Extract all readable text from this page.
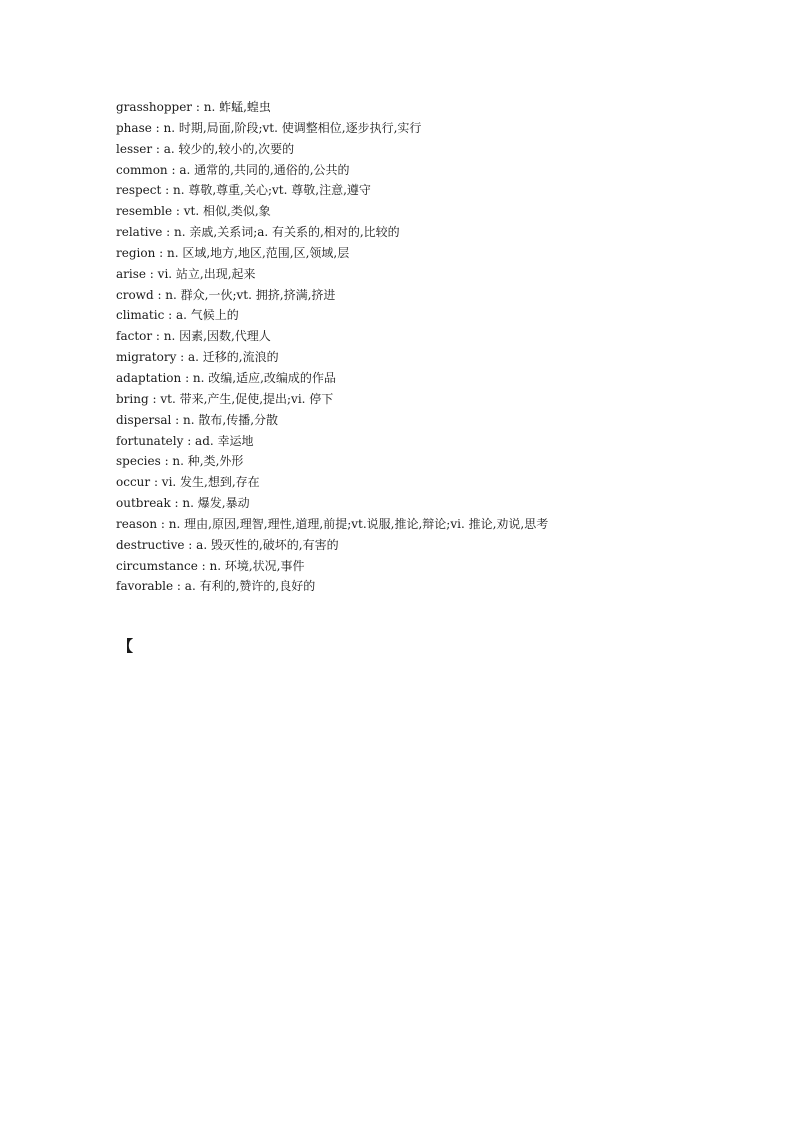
grasshopper : n. 蚱蜢,蝗虫
phase : n. 时期,局面,阶段;vt. 使调整相位,逐步执行,实行
lesser : a. 较少的,较小的,次要的
common : a. 通常的,共同的,通俗的,公共的
respect : n. 尊敬,尊重,关心;vt. 尊敬,注意,遵守
resemble : vt. 相似,类似,象
relative : n. 亲戚,关系词;a. 有关系的,相对的,比较的
region : n. 区域,地方,地区,范围,区,领域,层
arise : vi. 站立,出现,起来
crowd : n. 群众,一伙;vt. 拥挤,挤满,挤进
climatic : a. 气候上的
factor : n. 因素,因数,代理人
migratory : a. 迁移的,流浪的
adaptation : n. 改编,适应,改编成的作品
bring : vt. 带来,产生,促使,提出;vi. 停下
dispersal : n. 散布,传播,分散
fortunately : ad. 幸运地
species : n. 种,类,外形
occur : vi. 发生,想到,存在
outbreak : n. 爆发,暴动
reason : n. 理由,原因,理智,理性,道理,前提;vt.说服,推论,辩论;vi. 推论,劝说,思考
destructive : a. 毁灭性的,破坏的,有害的
circumstance : n. 环境,状况,事件
favorable : a. 有利的,赞许的,良好的
【
